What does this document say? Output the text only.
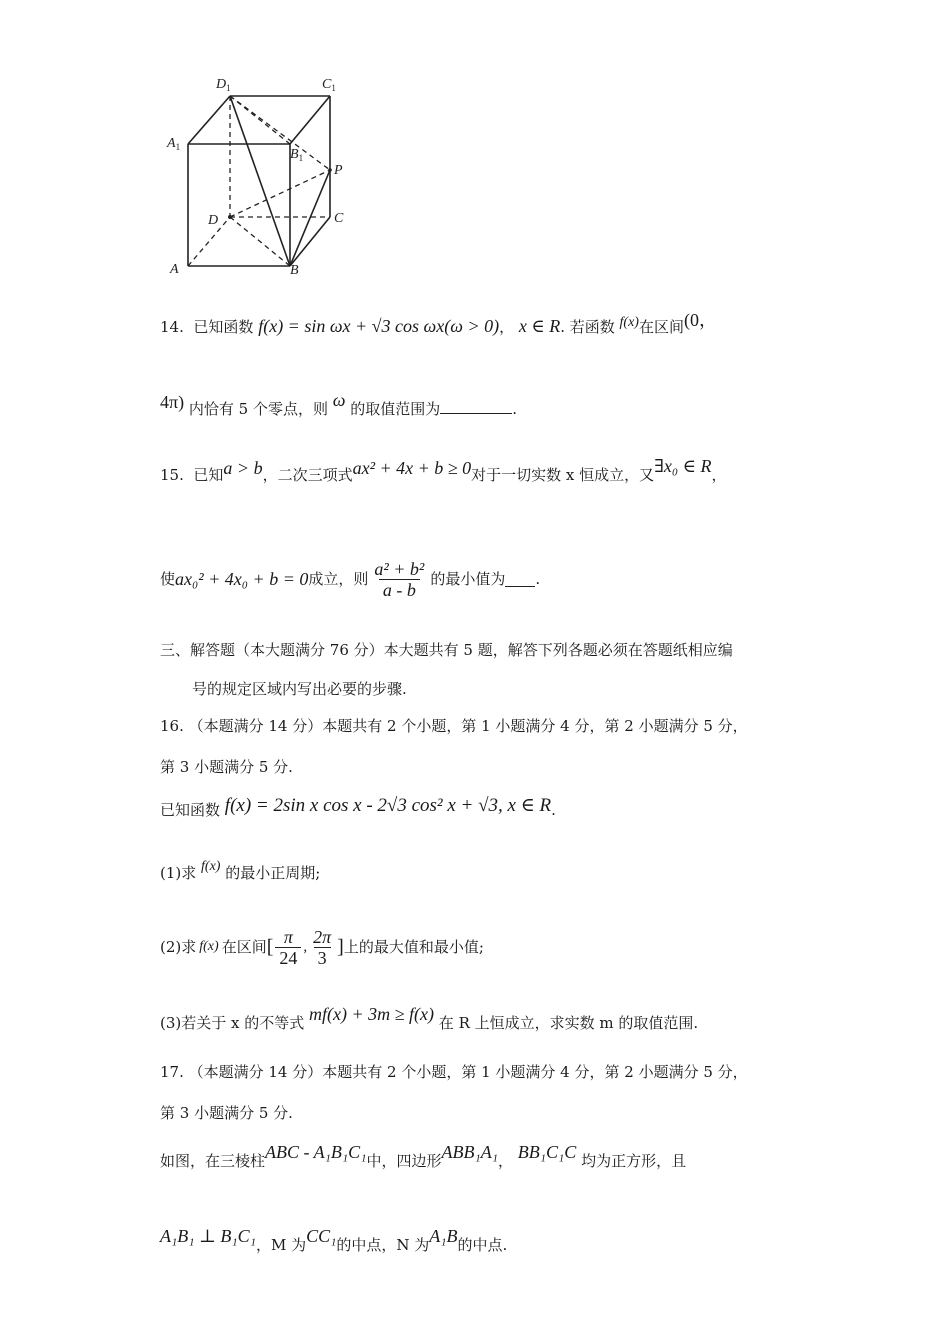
$D_1$	$C_1$
$A_1$	$B_1$
P
D	C
A	B
14. 已知函数 f(x) = sin ωx + √3 cos ωx(ω > 0)， x ∈ R. 若函数 f(x)在区间(0，
4π) 内恰有 5 个零点，则 ω 的取值范围为	.
15. 已知a > b，二次三项式ax² + 4x + b ≥ 0对于一切实数 x 恒成立，又∃x₀ ∈ R，
使 ax₀² + 4x₀ + b = 0 成立，则 $\frac{\text{a² + b²}}{a - b}$ 的最小值为 .
三、解答题（本大题满分 76 分）本大题共有 5 题，解答下列各题必须在答题纸相应编
号的规定区域内写出必要的步骤.
16. （本题满分 14 分）本题共有 2 个小题，第 1 小题满分 4 分，第 2 小题满分 5 分，
第 3 小题满分 5 分.
已知函数 f(x) = 2sin x cos x - 2√3 cos² x + √3, x ∈ R.
(1)求 f(x) 的最小正周期;
(2)求 f(x) 在区间 [ $\frac{\pi}{24}$ , $\frac{2\pi}{3}$ ] 上的最大值和最小值;
(3)若关于 x 的不等式 mf(x) + 3m ≥ f(x) 在 R 上恒成立，求实数 m 的取值范围.
17. （本题满分 14 分）本题共有 2 个小题，第 1 小题满分 4 分，第 2 小题满分 5 分，
第 3 小题满分 5 分.
如图，在三棱柱ABC - A₁B₁C₁中，四边形ABB₁A₁， BB₁C₁C 均为正方形，且
A₁B₁ ⊥ B₁C₁，M 为CC₁的中点，N 为A₁B的中点.
